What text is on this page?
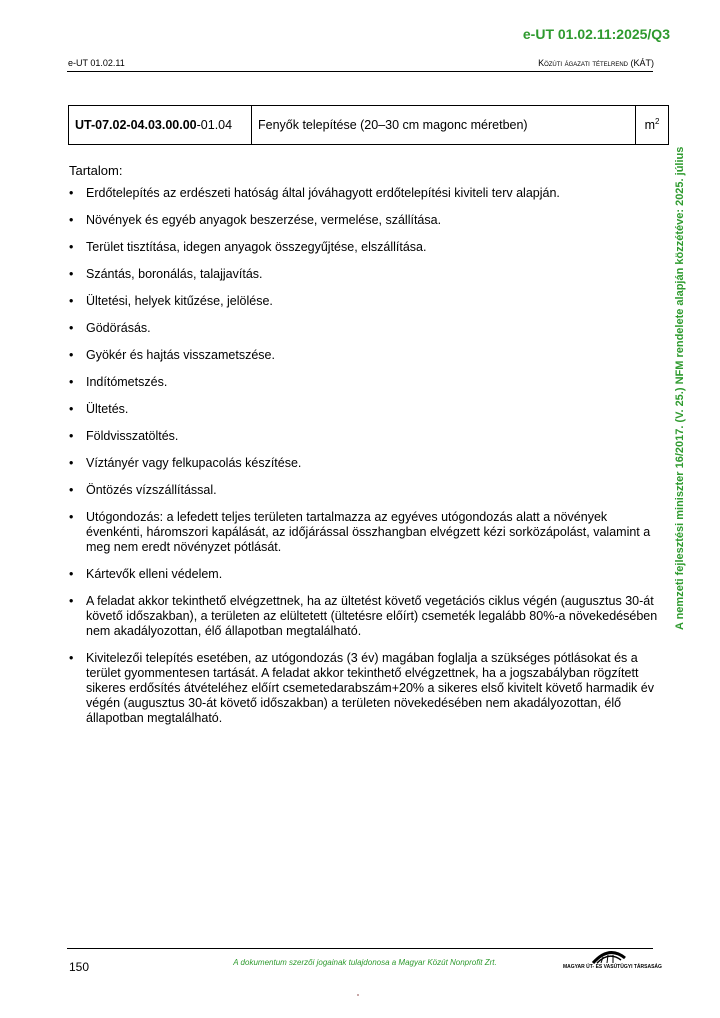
e-UT 01.02.11:2025/Q3
e-UT 01.02.11	Közúti ágazati tételrend (KÁT)
A nemzeti fejlesztési miniszter 16/2017. (V. 25.) NFM rendelete alapján közzétéve: 2025. július
UT-07.02-04.03.00.00-01.04	Fenyők telepítése (20–30 cm magonc méretben)	$m^2$
Tartalom:
• Erdőtelepítés az erdészeti hatóság által jóváhagyott erdőtelepítési kiviteli terv alapján.
• Növények és egyéb anyagok beszerzése, vermelése, szállítása.
• Terület tisztítása, idegen anyagok összegyűjtése, elszállítása.
• Szántás, boronálás, talajjavítás.
• Ültetési, helyek kitűzése, jelölése.
• Gödörásás.
• Gyökér és hajtás visszametszése.
• Indítómetszés.
• Ültetés.
• Földvisszatöltés.
• Víztányér vagy felkupacolás készítése.
• Öntözés vízszállítással.
• Utógondozás: a lefedett teljes területen tartalmazza az egyéves utógondozás alatt a növények évenkénti, háromszori kapálását, az időjárással összhangban elvégzett kézi sorközápolást, valamint a meg nem eredt növényzet pótlását.
• Kártevők elleni védelem.
• A feladat akkor tekinthető elvégzettnek, ha az ültetést követő vegetációs ciklus végén (augusztus 30-át követő időszakban), a területen az elültetett (ültetésre előírt) csemeték legalább 80%-a növekedésében nem akadályozottan, élő állapotban megtalálható.
• Kivitelezői telepítés esetében, az utógondozás (3 év) magában foglalja a szükséges pótlásokat és a terület gyommentesen tartását. A feladat akkor tekinthető elvégzettnek, ha a jogszabályban rögzített sikeres erdősítés átvételéhez előírt csemetedarabszám+20% a sikeres első kivitelt követő harmadik év végén (augusztus 30-át követő időszakban) a területen növekedésében nem akadályozottan, élő állapotban megtalálható.
150	A dokumentum szerzői jogainak tulajdonosa a Magyar Közút Nonprofit Zrt.	MAGYAR ÚT- ÉS VASÚTÜGYI TÁRSASÁG
